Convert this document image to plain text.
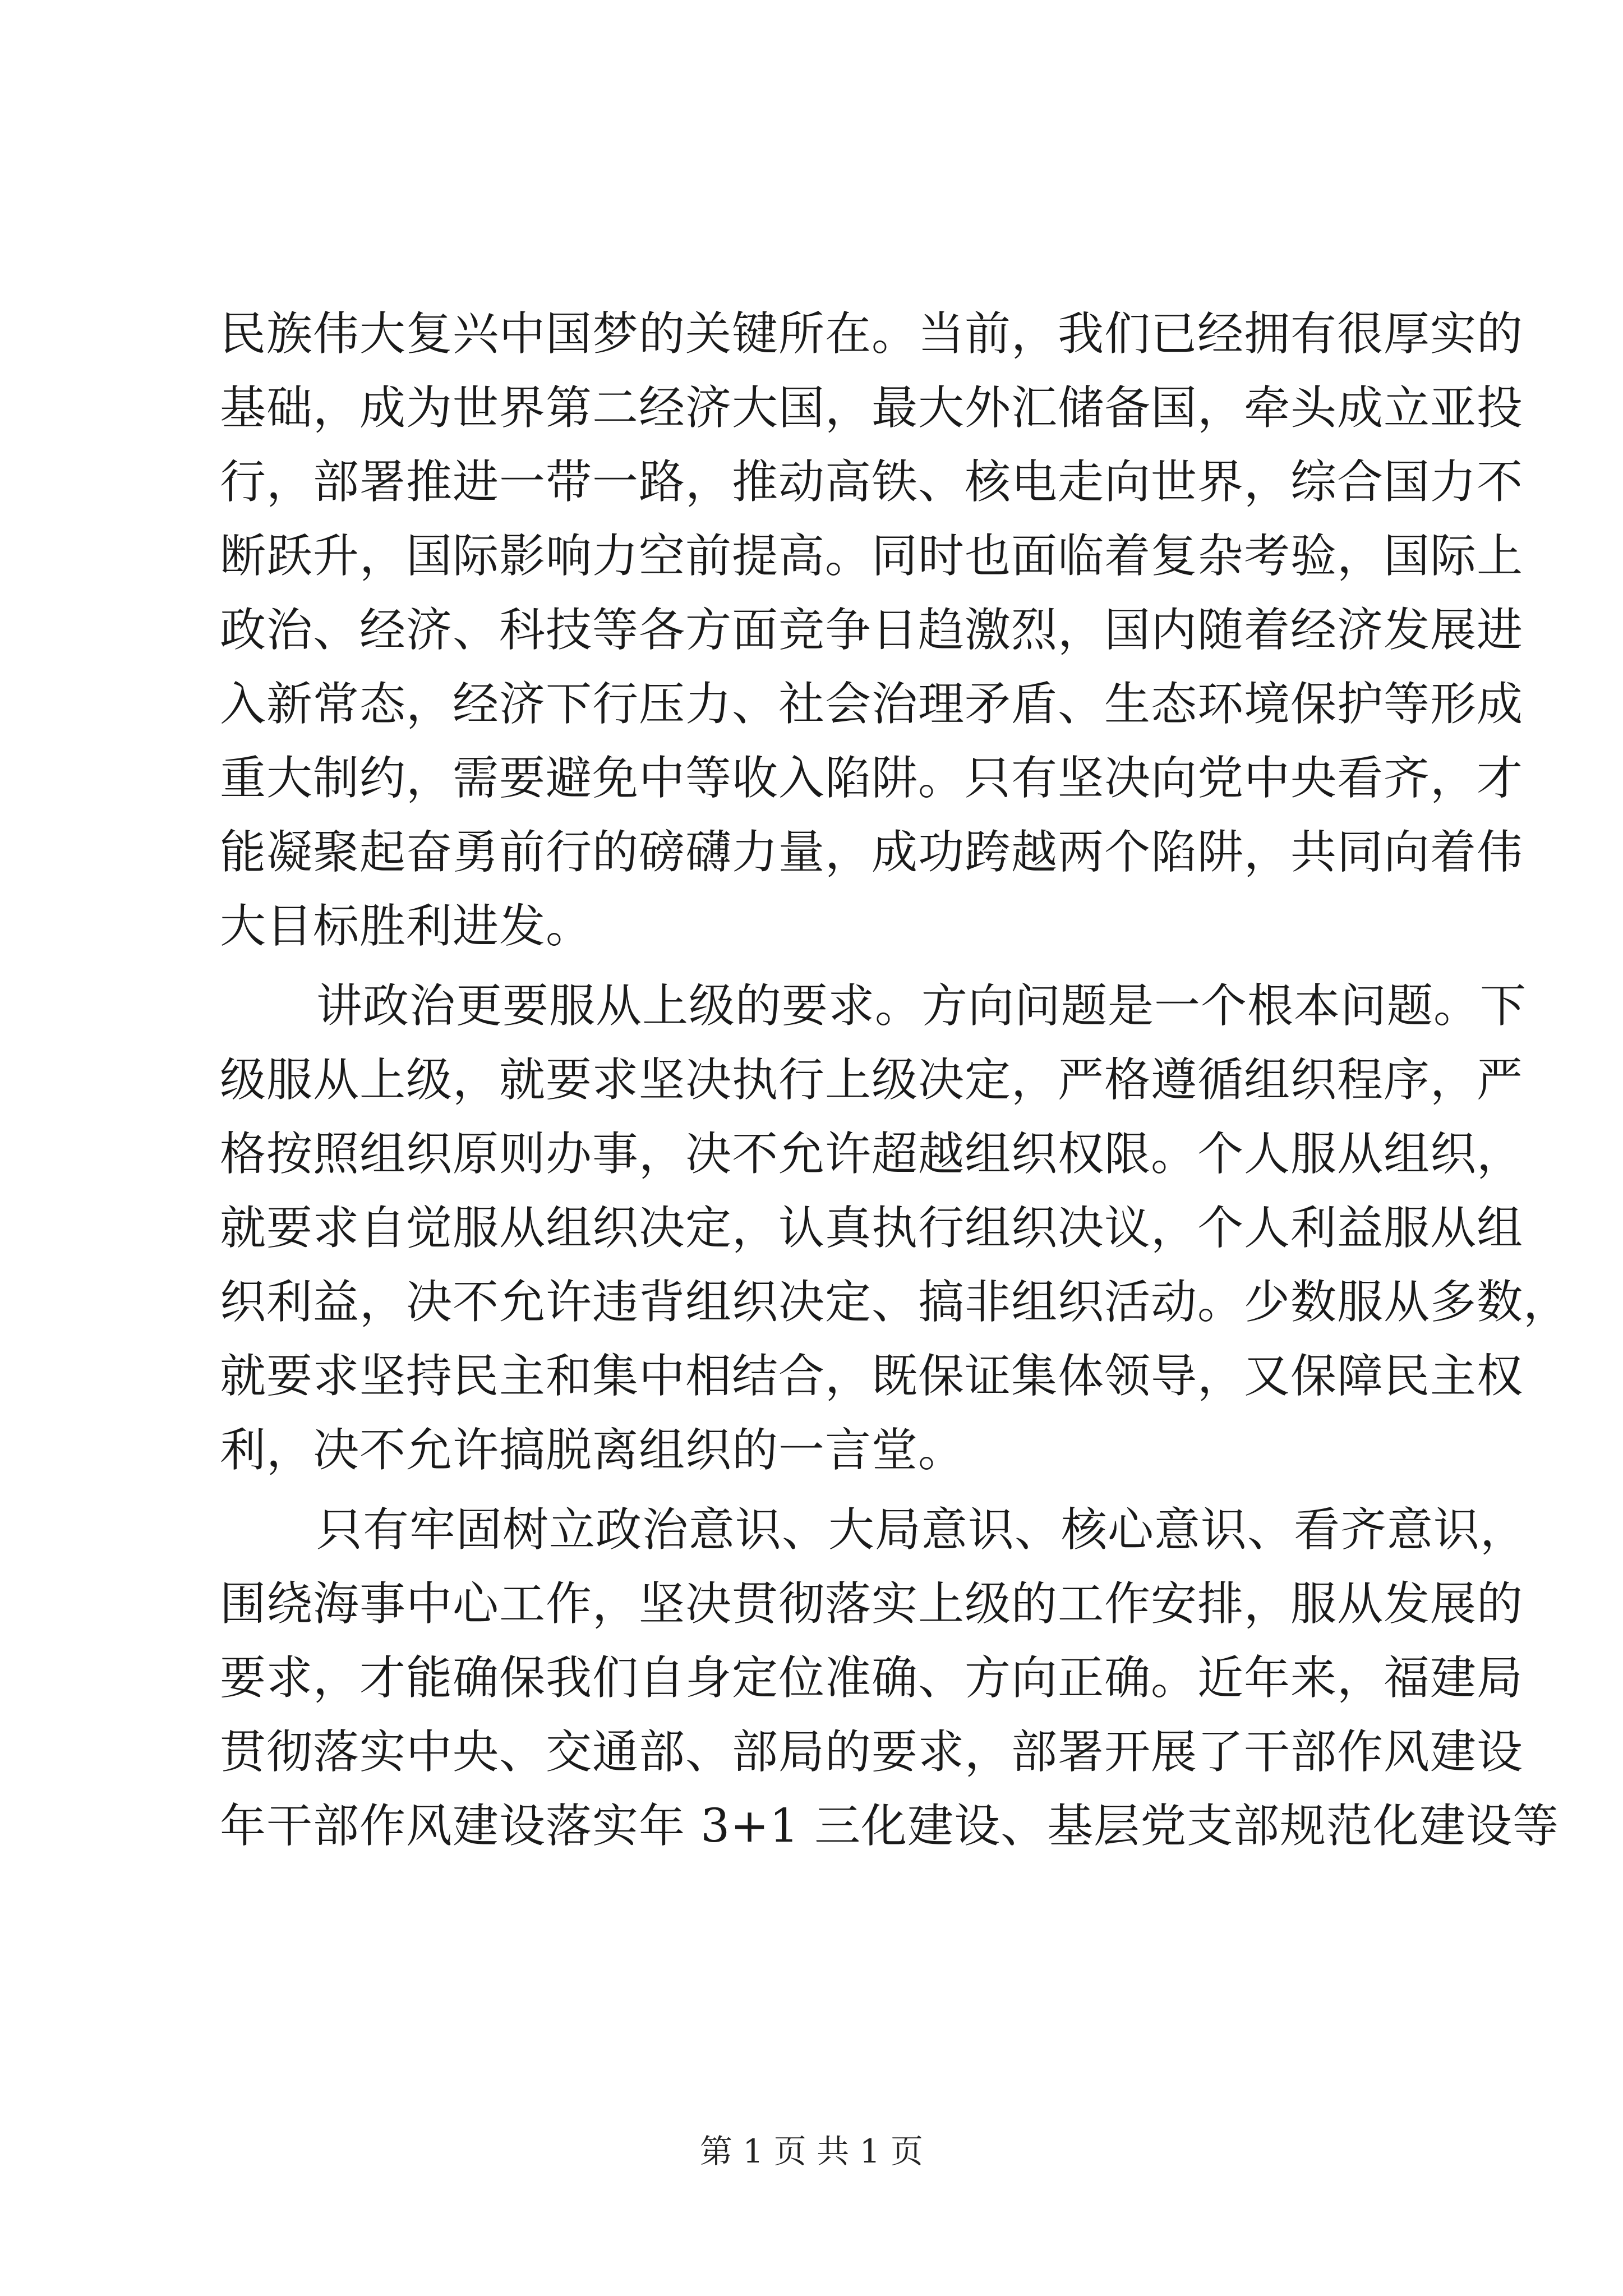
民族伟大复兴中国梦的关键所在。当前，我们已经拥有很厚实的
基础，成为世界第二经济大国，最大外汇储备国，牵头成立亚投
行，部署推进一带一路，推动高铁、核电走向世界，综合国力不
断跃升，国际影响力空前提高。同时也面临着复杂考验，国际上
政治、经济、科技等各方面竞争日趋激烈，国内随着经济发展进
入新常态，经济下行压力、社会治理矛盾、生态环境保护等形成
重大制约，需要避免中等收入陷阱。只有坚决向党中央看齐，才
能凝聚起奋勇前行的磅礴力量，成功跨越两个陷阱，共同向着伟
大目标胜利进发。
讲政治更要服从上级的要求。方向问题是一个根本问题。下
级服从上级，就要求坚决执行上级决定，严格遵循组织程序，严
格按照组织原则办事，决不允许超越组织权限。个人服从组织，
就要求自觉服从组织决定，认真执行组织决议，个人利益服从组
织利益，决不允许违背组织决定、搞非组织活动。少数服从多数，
就要求坚持民主和集中相结合，既保证集体领导，又保障民主权
利，决不允许搞脱离组织的一言堂。
只有牢固树立政治意识、大局意识、核心意识、看齐意识，
围绕海事中心工作，坚决贯彻落实上级的工作安排，服从发展的
要求，才能确保我们自身定位准确、方向正确。近年来，福建局
贯彻落实中央、交通部、部局的要求，部署开展了干部作风建设
年干部作风建设落实年 3+1 三化建设、基层党支部规范化建设等
第 1 页 共 1 页
